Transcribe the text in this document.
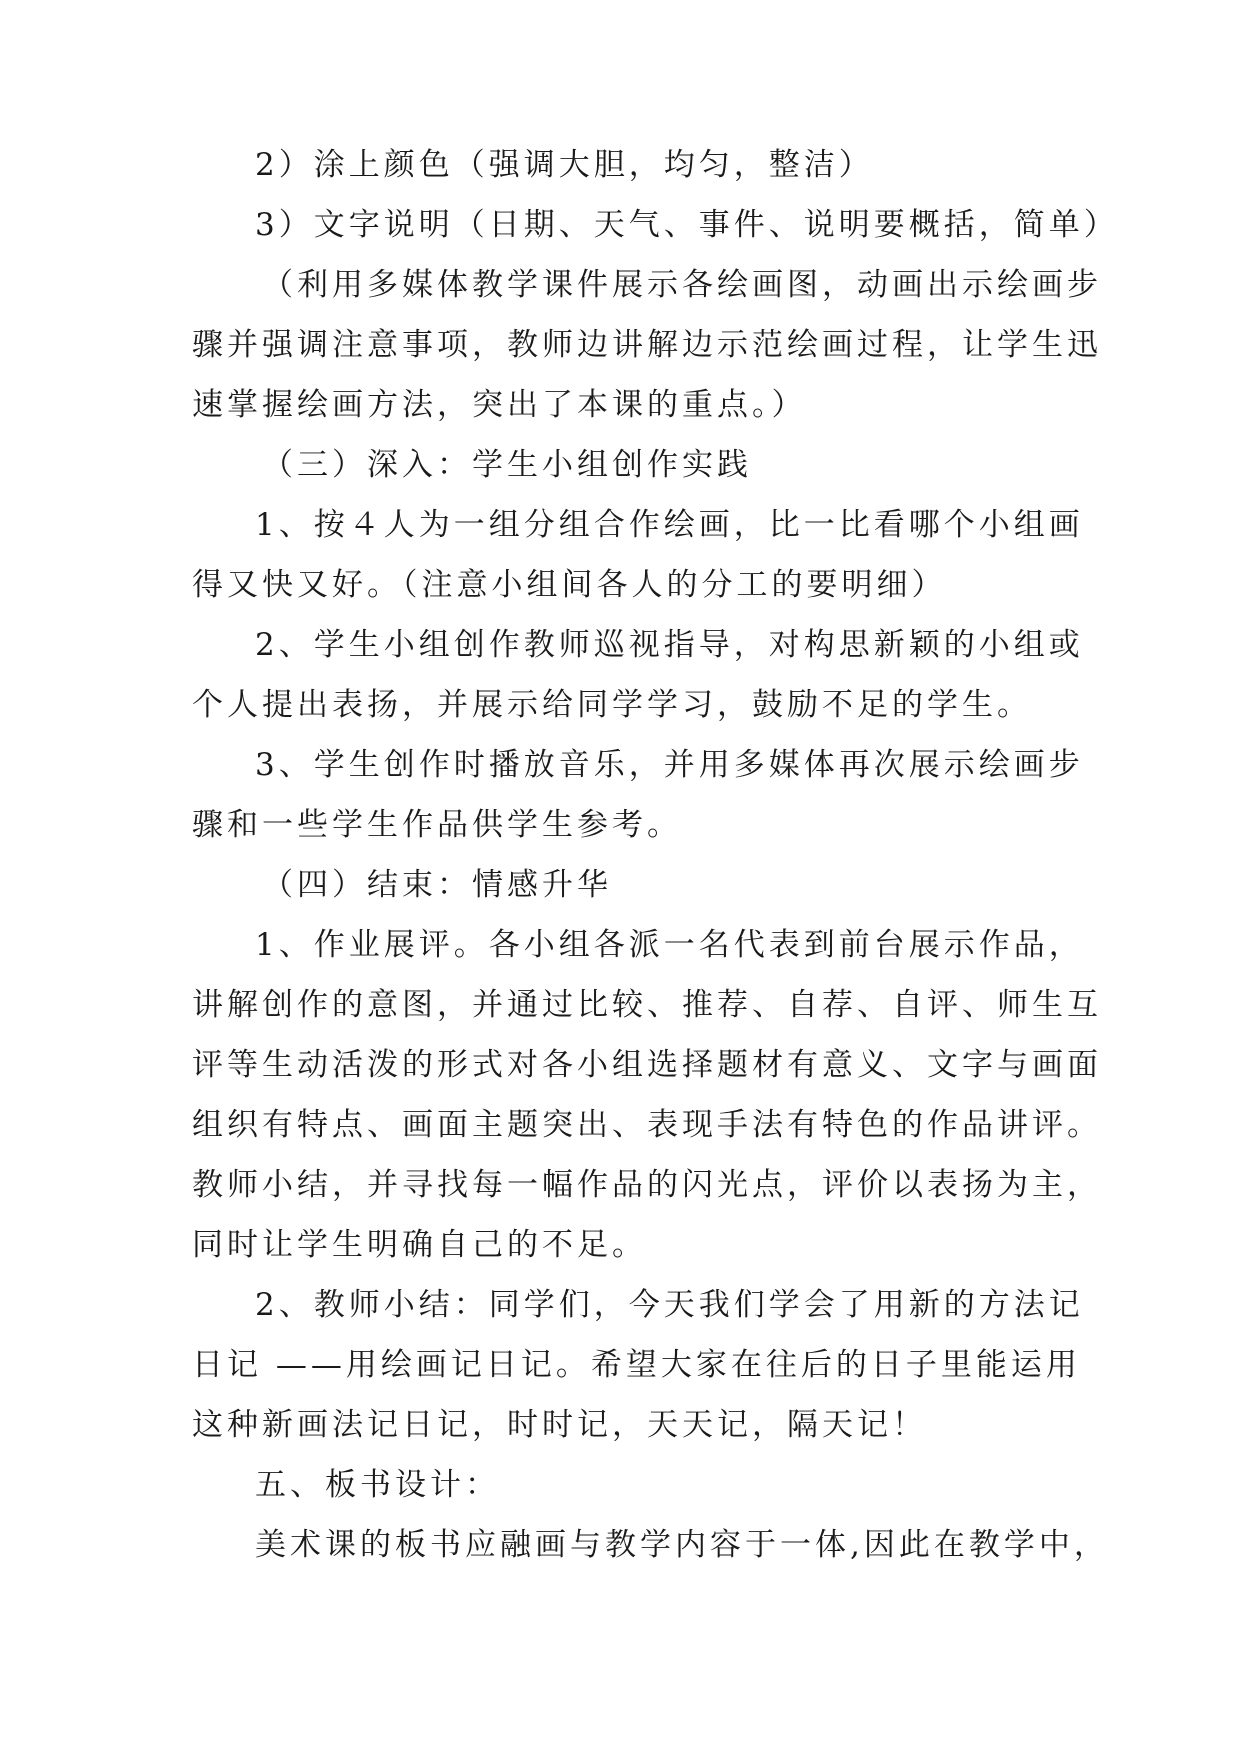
2）涂上颜色（强调大胆，均匀，整洁）
3）文字说明（日期、天气、事件、说明要概括，简单）
（利用多媒体教学课件展示各绘画图，动画出示绘画步
骤并强调注意事项，教师边讲解边示范绘画过程，让学生迅
速掌握绘画方法，突出了本课的重点。）
（三）深入：学生小组创作实践
1、按４人为一组分组合作绘画，比一比看哪个小组画
得又快又好。（注意小组间各人的分工的要明细）
2、学生小组创作教师巡视指导，对构思新颖的小组或
个人提出表扬，并展示给同学学习，鼓励不足的学生。
3、学生创作时播放音乐，并用多媒体再次展示绘画步
骤和一些学生作品供学生参考。
（四）结束：情感升华
1、作业展评。各小组各派一名代表到前台展示作品，
讲解创作的意图，并通过比较、推荐、自荐、自评、师生互
评等生动活泼的形式对各小组选择题材有意义、文字与画面
组织有特点、画面主题突出、表现手法有特色的作品讲评。
教师小结，并寻找每一幅作品的闪光点，评价以表扬为主，
同时让学生明确自己的不足。
2、教师小结：同学们，今天我们学会了用新的方法记
日记 ——用绘画记日记。希望大家在往后的日子里能运用
这种新画法记日记，时时记，天天记，隔天记！
五、板书设计：
美术课的板书应融画与教学内容于一体,因此在教学中，
